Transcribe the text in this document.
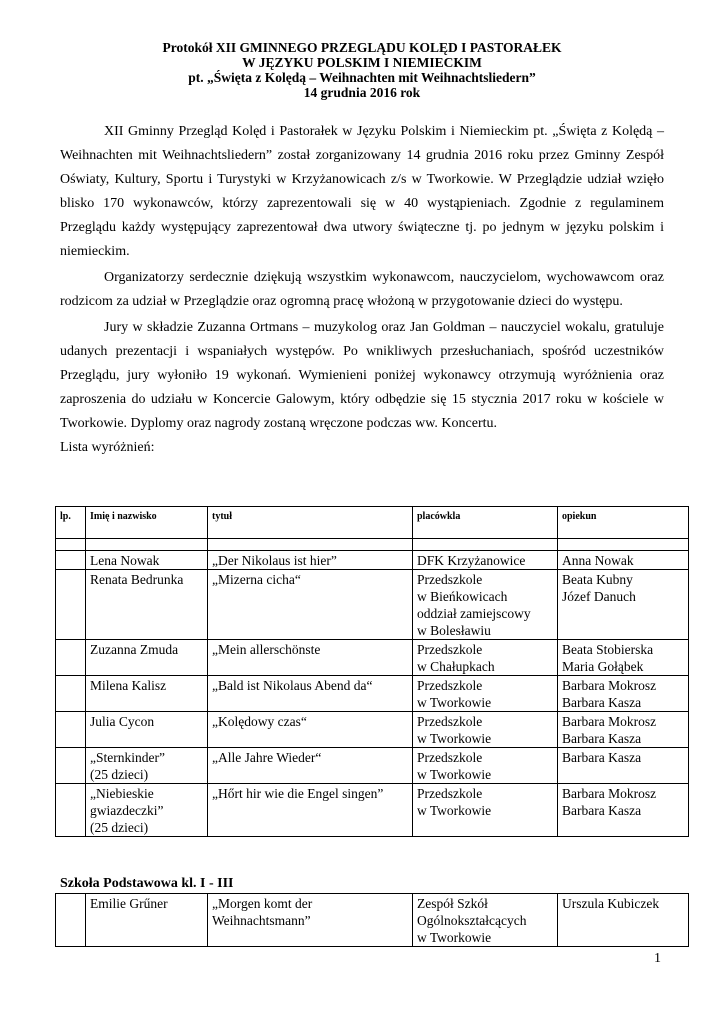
Protokół XII GMINNEGO PRZEGLĄDU KOLĘD I PASTORAŁEK
W JĘZYKU POLSKIM I NIEMIECKIM
pt. „Święta z Kolędą – Weihnachten mit Weihnachtsliedern”
14 grudnia 2016 rok

XII Gminny Przegląd Kolęd i Pastorałek w Języku Polskim i Niemieckim pt. „Święta z Kolędą – Weihnachten mit Weihnachtsliedern” został zorganizowany 14 grudnia 2016 roku przez Gminny Zespół Oświaty, Kultury, Sportu i Turystyki w Krzyżanowicach z/s w Tworkowie. W Przeglądzie udział wzięło blisko 170 wykonawców, którzy zaprezentowali się w 40 wystąpieniach. Zgodnie z regulaminem Przeglądu każdy występujący zaprezentował dwa utwory świąteczne tj. po jednym w języku polskim i niemieckim.

Organizatorzy serdecznie dziękują wszystkim wykonawcom, nauczycielom, wychowawcom oraz rodzicom za udział w Przeglądzie oraz ogromną pracę włożoną w przygotowanie dzieci do występu.

Jury w składzie Zuzanna Ortmans – muzykolog oraz Jan Goldman – nauczyciel wokalu, gratuluje udanych prezentacji i wspaniałych występów. Po wnikliwych przesłuchaniach, spośród uczestników Przeglądu, jury wyłoniło 19 wykonań. Wymienieni poniżej wykonawcy otrzymują wyróżnienia oraz zaproszenia do udziału w Koncercie Galowym, który odbędzie się 15 stycznia 2017 roku w kościele w Tworkowie. Dyplomy oraz nagrody zostaną wręczone podczas ww. Koncertu.

Lista wyróżnień:

lp.	Imię i nazwisko	tytuł	placówkla	opiekun

	Lena Nowak	„Der Nikolaus ist hier”	DFK Krzyżanowice	Anna Nowak
	Renata Bedrunka	„Mizerna cicha“	Przedszkole
w Bieńkowicach
oddział zamiejscowy
w Bolesławiu	Beata Kubny
Józef Danuch
	Zuzanna Zmuda	„Mein allerschönste	Przedszkole
w Chałupkach	Beata Stobierska
Maria Gołąbek
	Milena Kalisz	„Bald ist Nikolaus Abend da“	Przedszkole
w Tworkowie	Barbara Mokrosz
Barbara Kasza
	Julia Cycon	„Kolędowy czas“	Przedszkole
w Tworkowie	Barbara Mokrosz
Barbara Kasza
	„Sternkinder”
(25 dzieci)	„Alle Jahre Wieder“	Przedszkole
w Tworkowie	Barbara Kasza
	„Niebieskie
gwiazdeczki”
(25 dzieci)	„Hőrt hir wie die Engel singen”	Przedszkole
w Tworkowie	Barbara Mokrosz
Barbara Kasza
Szkoła Podstawowa kl. I - III
	Emilie Grűner	„Morgen komt der
Weihnachtsmann”	Zespół Szkół
Ogólnokształcących
w Tworkowie	Urszula Kubiczek
1
